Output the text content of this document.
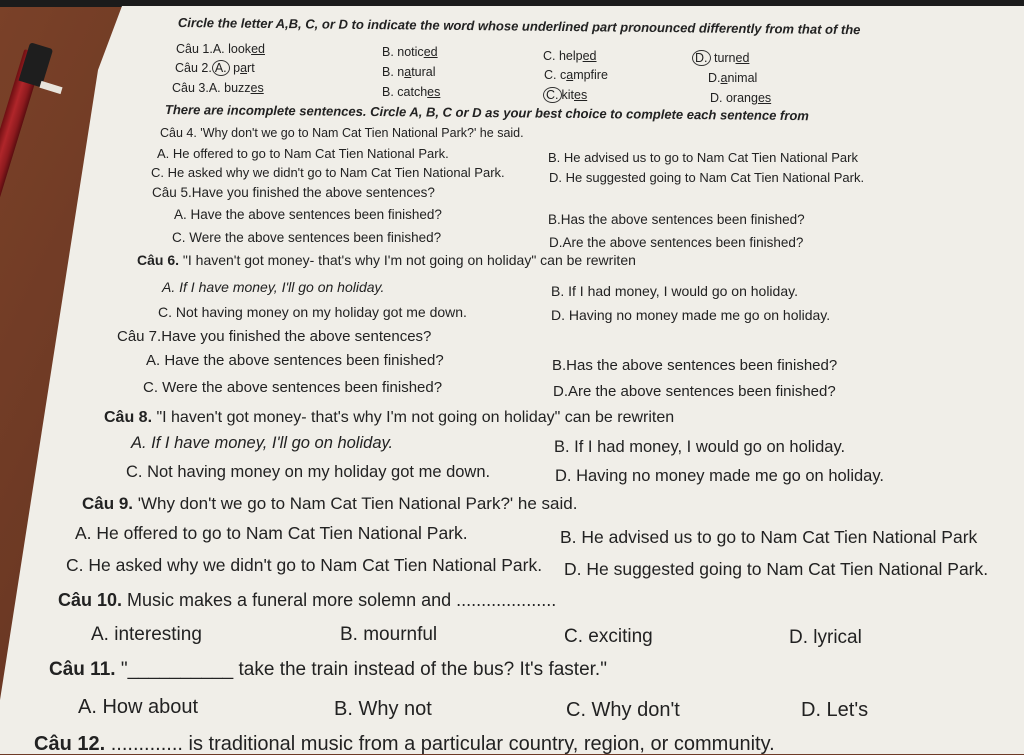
Circle the letter A,B, C, or D to indicate the word whose underlined part pronounced differently from that of the
Câu 1.A. looked	B. noticed	C. helped	D. turned
Câu 2. A. part	B. natural	C. campfire	D.animal
Câu 3.A. buzzes	B. catches	C. kites	D. oranges
There are incomplete sentences. Circle A, B, C or D as your best choice to complete each sentence from
Câu 4. 'Why don't we go to Nam Cat Tien National Park?' he said.
A. He offered to go to Nam Cat Tien National Park.	B. He advised us to go to Nam Cat Tien National Park
C. He asked why we didn't go to Nam Cat Tien National Park.	D. He suggested going to Nam Cat Tien National Park.
Câu 5.Have you finished the above sentences?
A. Have the above sentences been finished?	B.Has the above sentences been finished?
C. Were the above sentences been finished?	D.Are the above sentences been finished?
Câu 6. "I haven't got money- that's why I'm not going on holiday" can be rewriten
A. If I have money, I'll go on holiday.	B. If I had money, I would go on holiday.
C. Not having money on my holiday got me down.	D. Having no money made me go on holiday.
Câu 7.Have you finished the above sentences?
A. Have the above sentences been finished?	B.Has the above sentences been finished?
C. Were the above sentences been finished?	D.Are the above sentences been finished?
Câu 8. "I haven't got money- that's why I'm not going on holiday" can be rewriten
A. If I have money, I'll go on holiday.	B. If I had money, I would go on holiday.
C. Not having money on my holiday got me down.	D. Having no money made me go on holiday.
Câu 9. 'Why don't we go to Nam Cat Tien National Park?' he said.
A. He offered to go to Nam Cat Tien National Park.	B. He advised us to go to Nam Cat Tien National Park
C. He asked why we didn't go to Nam Cat Tien National Park. D. He suggested going to Nam Cat Tien National Park.
Câu 10. Music makes a funeral more solemn and ....................
A. interesting	B. mournful	C. exciting	D. lyrical
Câu 11. "__________ take the train instead of the bus? It's faster."
A. How about	B. Why not	C. Why don't	D. Let's
Câu 12. ............. is traditional music from a particular country, region, or community.
